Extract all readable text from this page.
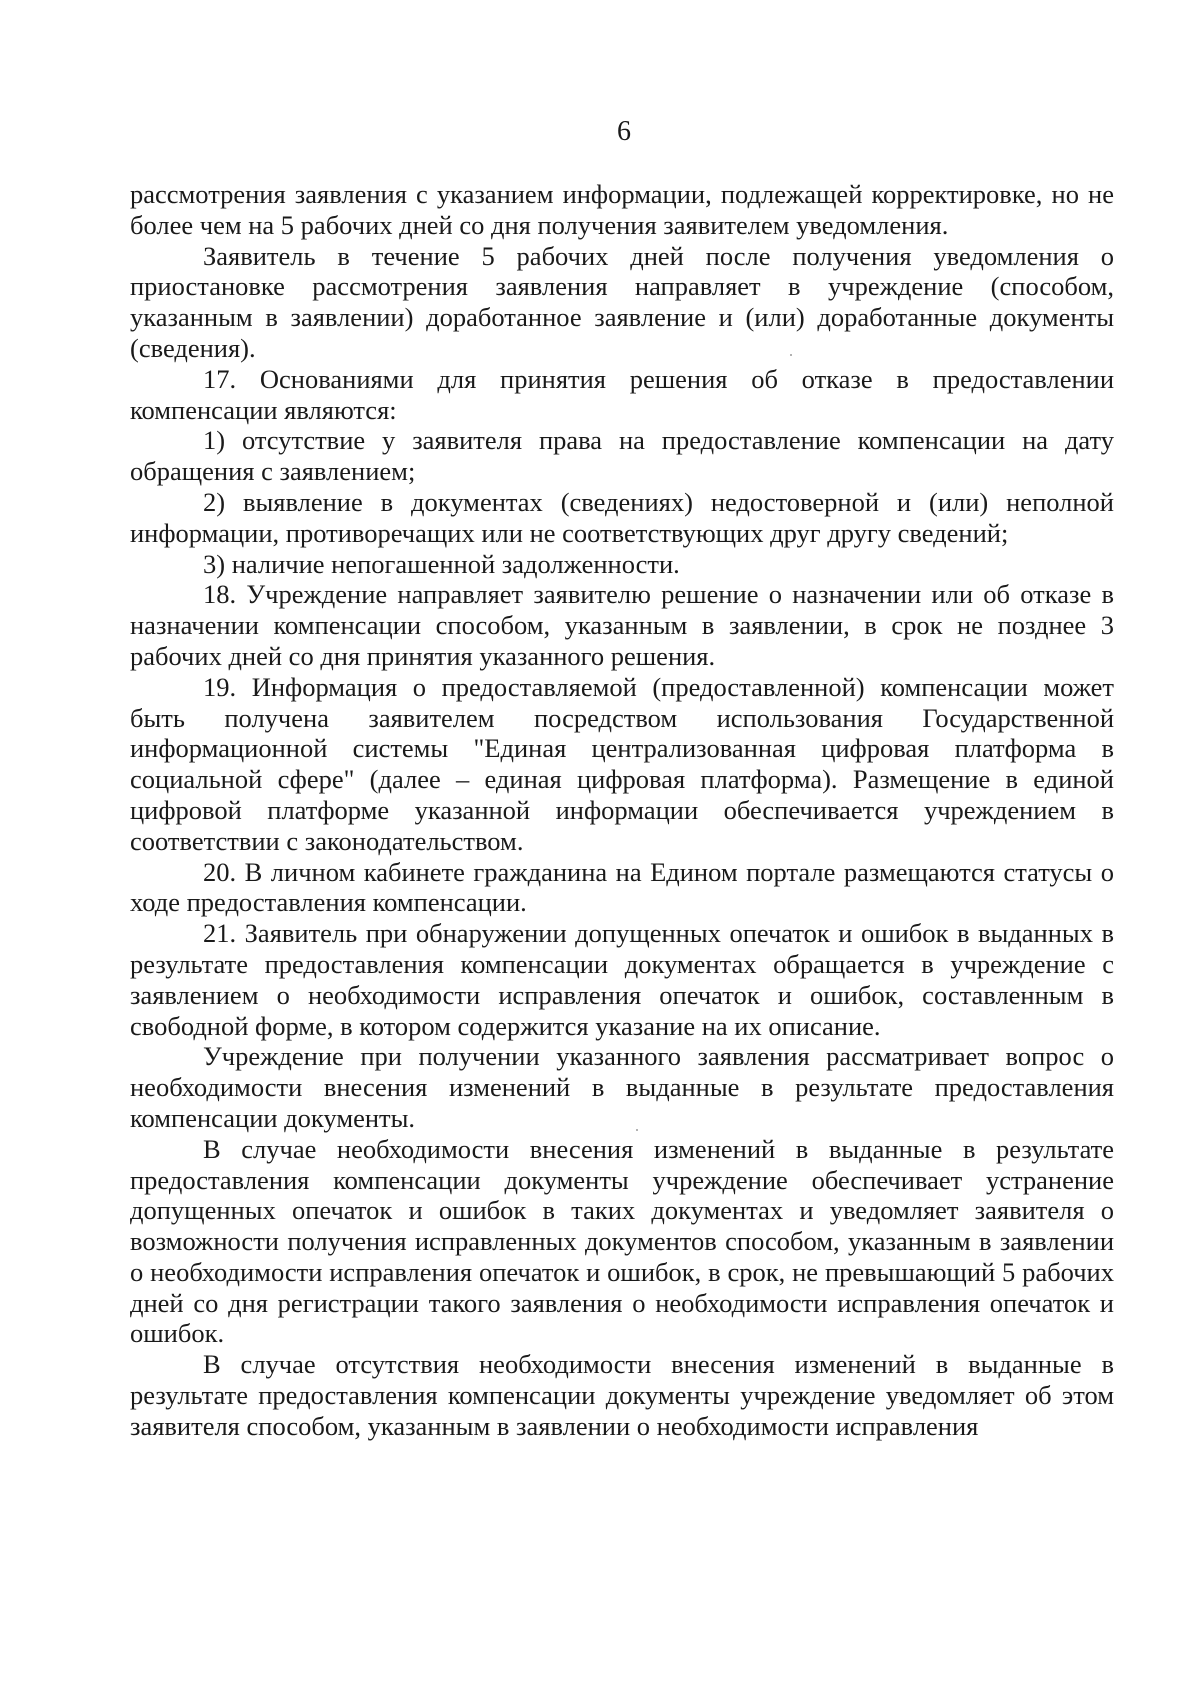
6

рассмотрения заявления с указанием информации, подлежащей корректировке, но не более чем на 5 рабочих дней со дня получения заявителем уведомления.

Заявитель в течение 5 рабочих дней после получения уведомления о приостановке рассмотрения заявления направляет в учреждение (способом, указанным в заявлении) доработанное заявление и (или) доработанные документы (сведения).

17. Основаниями для принятия решения об отказе в предоставлении компенсации являются:

1) отсутствие у заявителя права на предоставление компенсации на дату обращения с заявлением;

2) выявление в документах (сведениях) недостоверной и (или) неполной информации, противоречащих или не соответствующих друг другу сведений;

3) наличие непогашенной задолженности.

18. Учреждение направляет заявителю решение о назначении или об отказе в назначении компенсации способом, указанным в заявлении, в срок не позднее 3 рабочих дней со дня принятия указанного решения.

19. Информация о предоставляемой (предоставленной) компенсации может быть получена заявителем посредством использования Государственной информационной системы "Единая централизованная цифровая платформа в социальной сфере" (далее – единая цифровая платформа). Размещение в единой цифровой платформе указанной информации обеспечивается учреждением в соответствии с законодательством.

20. В личном кабинете гражданина на Едином портале размещаются статусы о ходе предоставления компенсации.

21. Заявитель при обнаружении допущенных опечаток и ошибок в выданных в результате предоставления компенсации документах обращается в учреждение с заявлением о необходимости исправления опечаток и ошибок, составленным в свободной форме, в котором содержится указание на их описание.

Учреждение при получении указанного заявления рассматривает вопрос о необходимости внесения изменений в выданные в результате предоставления компенсации документы.

В случае необходимости внесения изменений в выданные в результате предоставления компенсации документы учреждение обеспечивает устранение допущенных опечаток и ошибок в таких документах и уведомляет заявителя о возможности получения исправленных документов способом, указанным в заявлении о необходимости исправления опечаток и ошибок, в срок, не превышающий 5 рабочих дней со дня регистрации такого заявления о необходимости исправления опечаток и ошибок.

В случае отсутствия необходимости внесения изменений в выданные в результате предоставления компенсации документы учреждение уведомляет об этом заявителя способом, указанным в заявлении о необходимости исправления
